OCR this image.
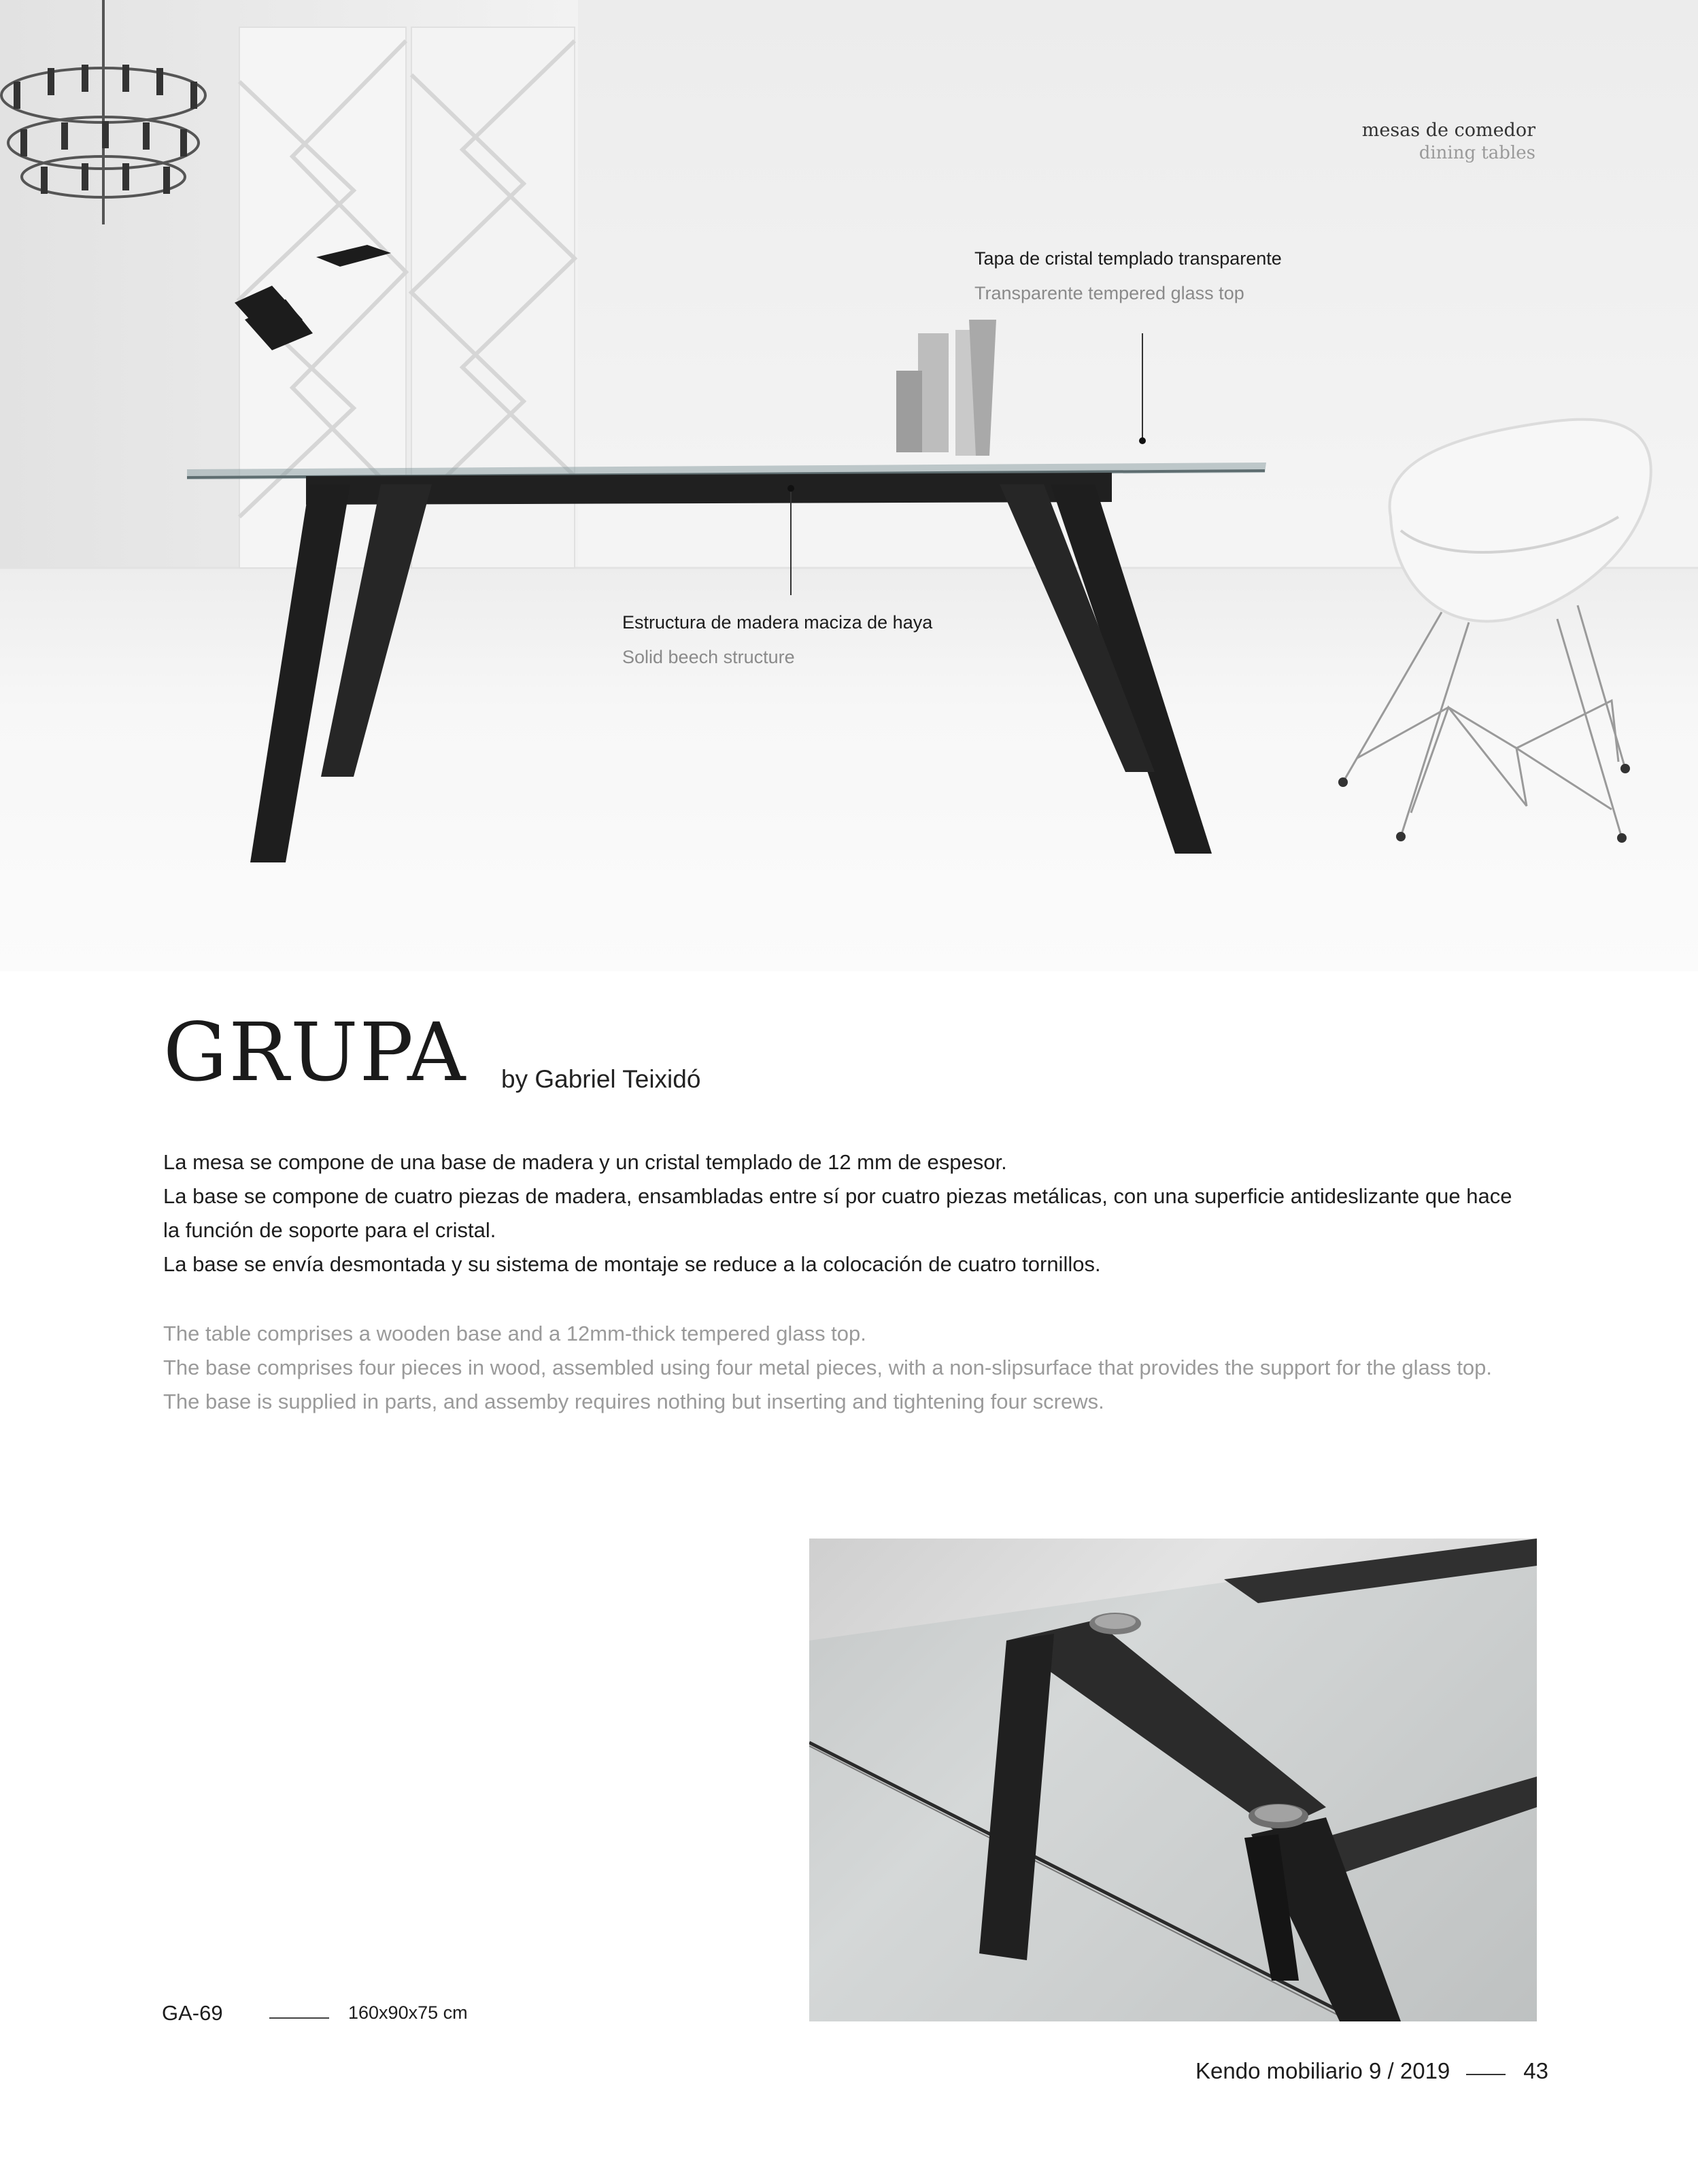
mesas de comedor
dining tables
Tapa de cristal templado transparente
Transparente tempered glass top
Estructura de madera maciza de haya
Solid beech structure
GRUPA by Gabriel Teixidó
La mesa se compone de una base de madera y un cristal templado de 12 mm de espesor.
La base se compone de cuatro piezas de madera, ensambladas entre sí por cuatro piezas metálicas, con una superficie antideslizante que hace la función de soporte para el cristal.
La base se envía desmontada y su sistema de montaje se reduce a la colocación de cuatro tornillos.
The table comprises a wooden base and a 12mm-thick tempered glass top.
The base comprises four pieces in wood, assembled using four metal pieces, with a non-slipsurface that provides the support for the glass top.
The base is supplied in parts, and assemby requires nothing but inserting and tightening four screws.
GA-69	160x90x75 cm
Kendo mobiliario 9 / 2019	43
